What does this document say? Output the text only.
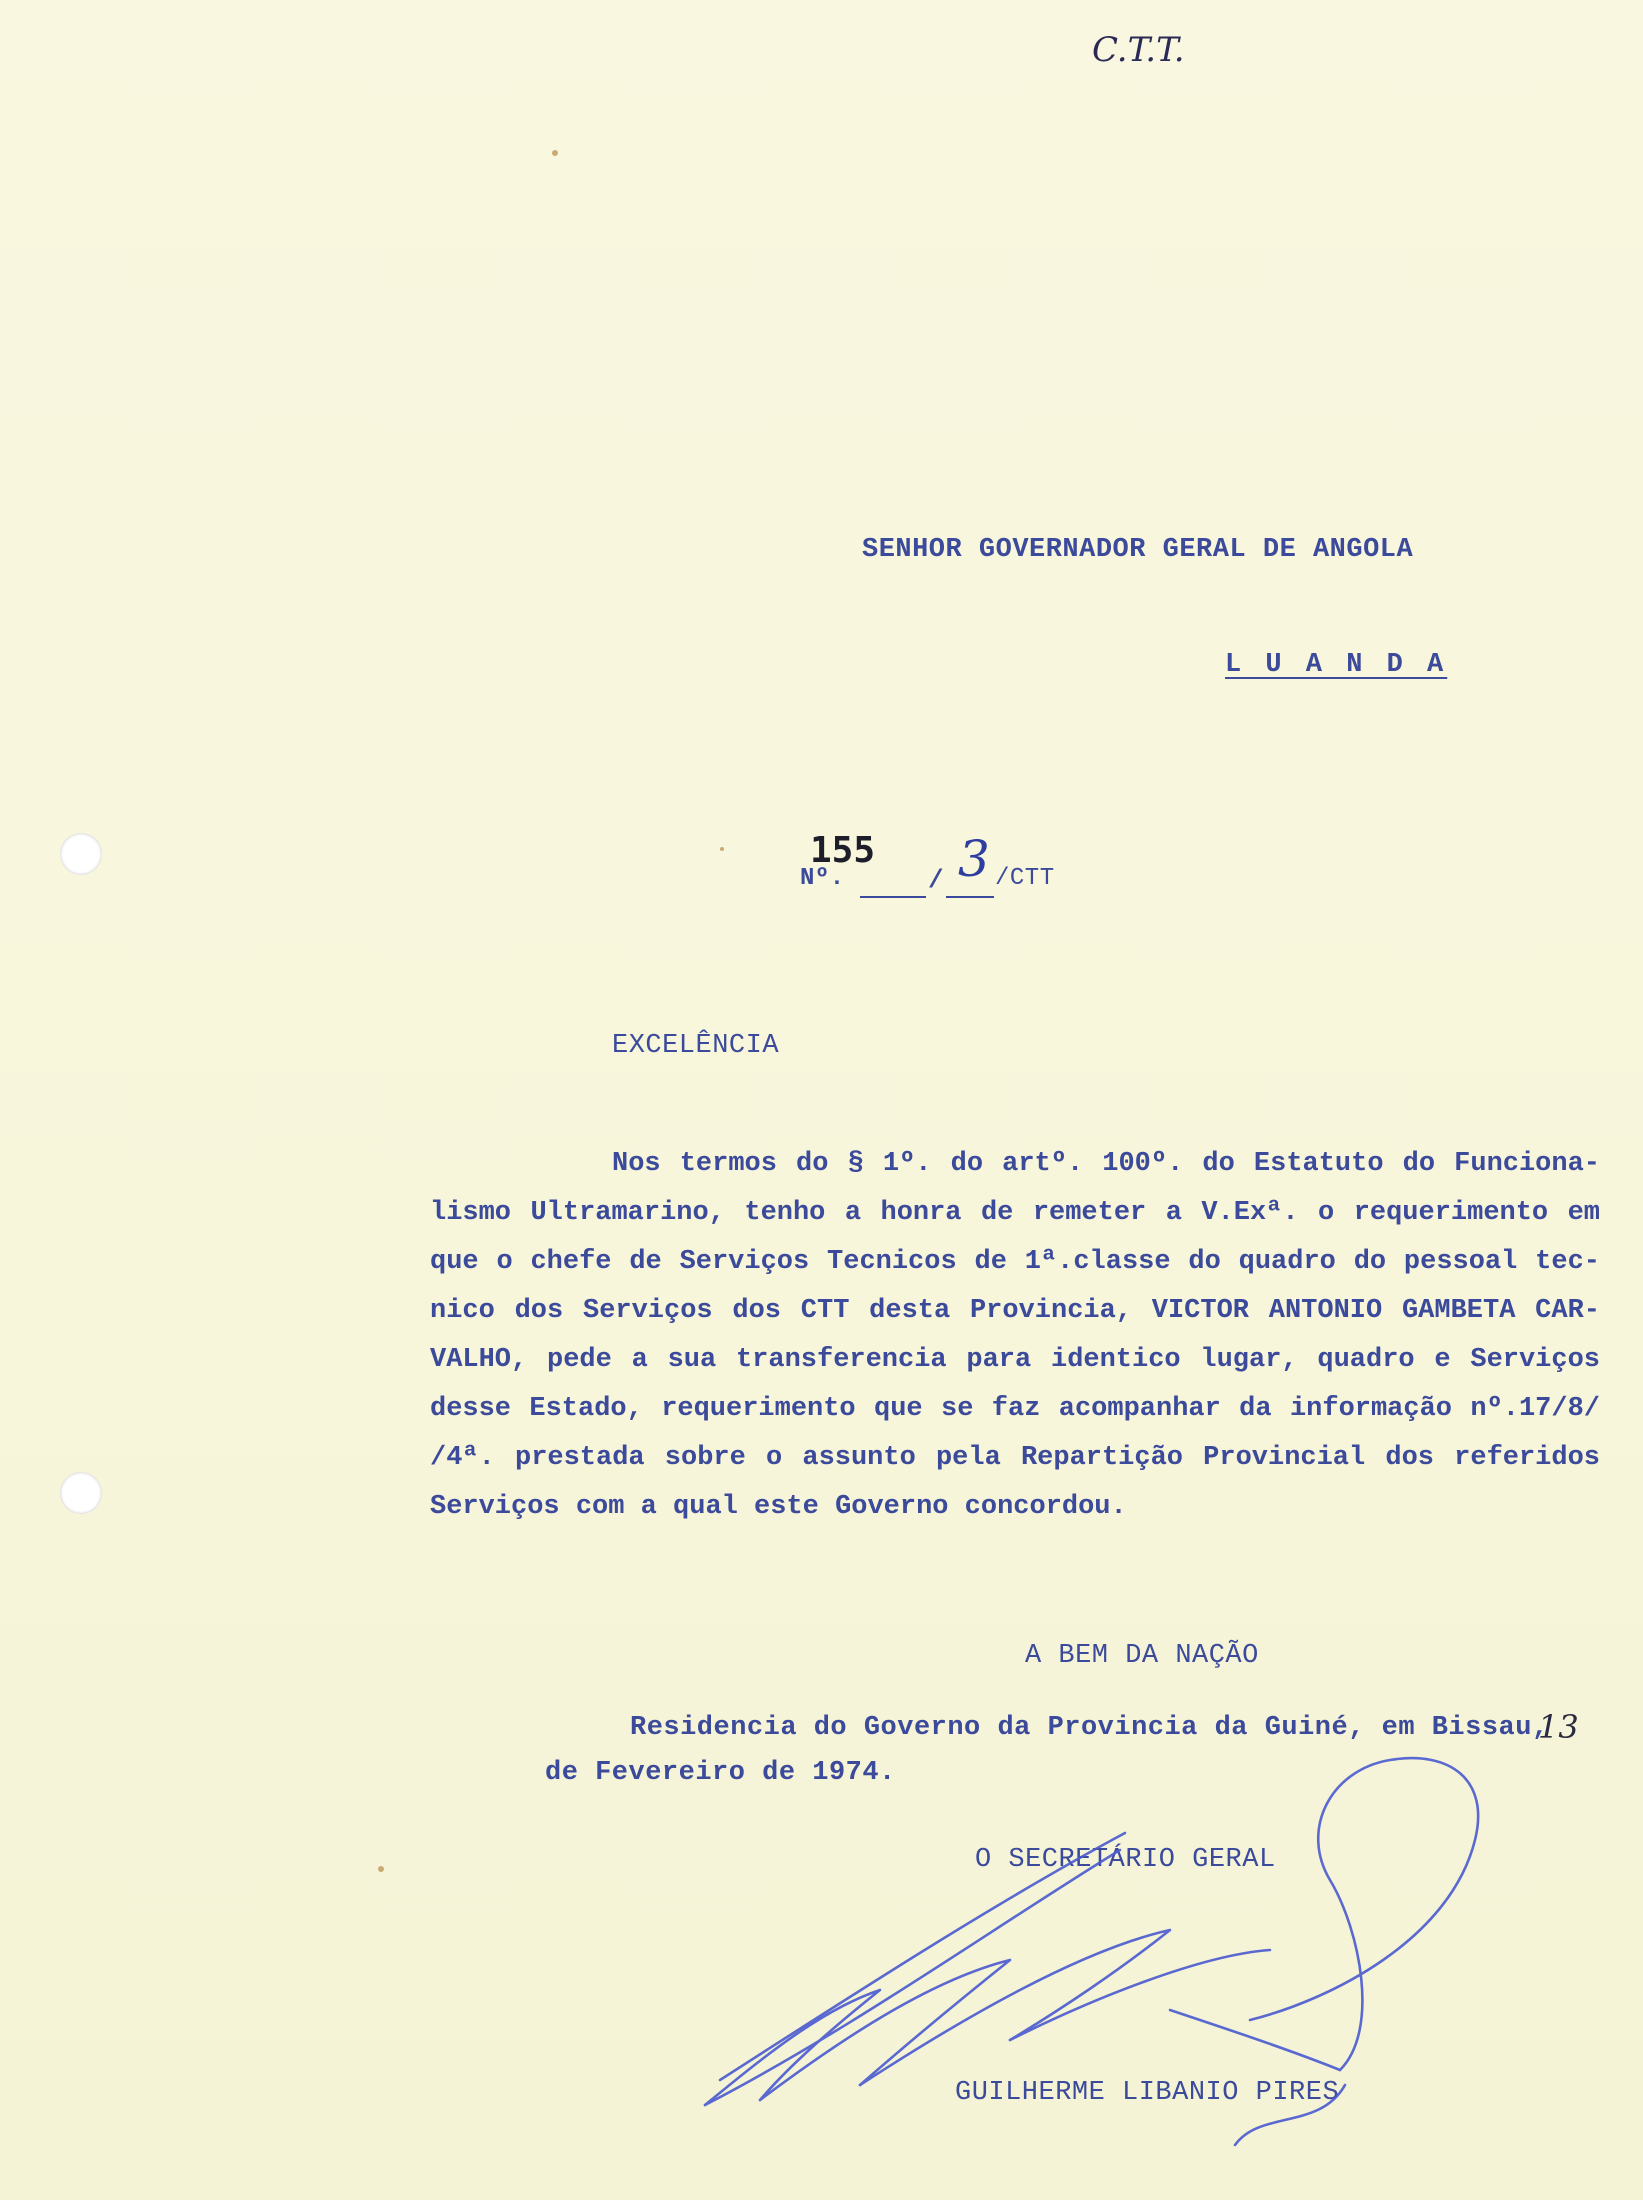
C.T.T.
SENHOR GOVERNADOR GERAL DE ANGOLA
L U A N D A
Nº.
155
/ 3 /CTT
EXCELÊNCIA
Nos termos do § 1º. do artº. 100º. do Estatuto do Funciona-
lismo Ultramarino, tenho a honra de remeter a V.Exª. o requerimento em
que o chefe de Serviços Tecnicos de 1ª.classe do quadro do pessoal tec-
nico dos Serviços dos CTT desta Provincia, VICTOR ANTONIO GAMBETA CAR-
VALHO, pede a sua transferencia para identico lugar, quadro e Serviços
desse Estado, requerimento que se faz acompanhar da informação nº.17/8/
/4ª. prestada sobre o assunto pela Repartição Provincial dos referidos
Serviços com a qual este Governo concordou.
A BEM DA NAÇÃO
Residencia do Governo da Provincia da Guiné, em Bissau,
13
de Fevereiro de 1974.
O SECRETÁRIO GERAL
GUILHERME LIBANIO PIRES
